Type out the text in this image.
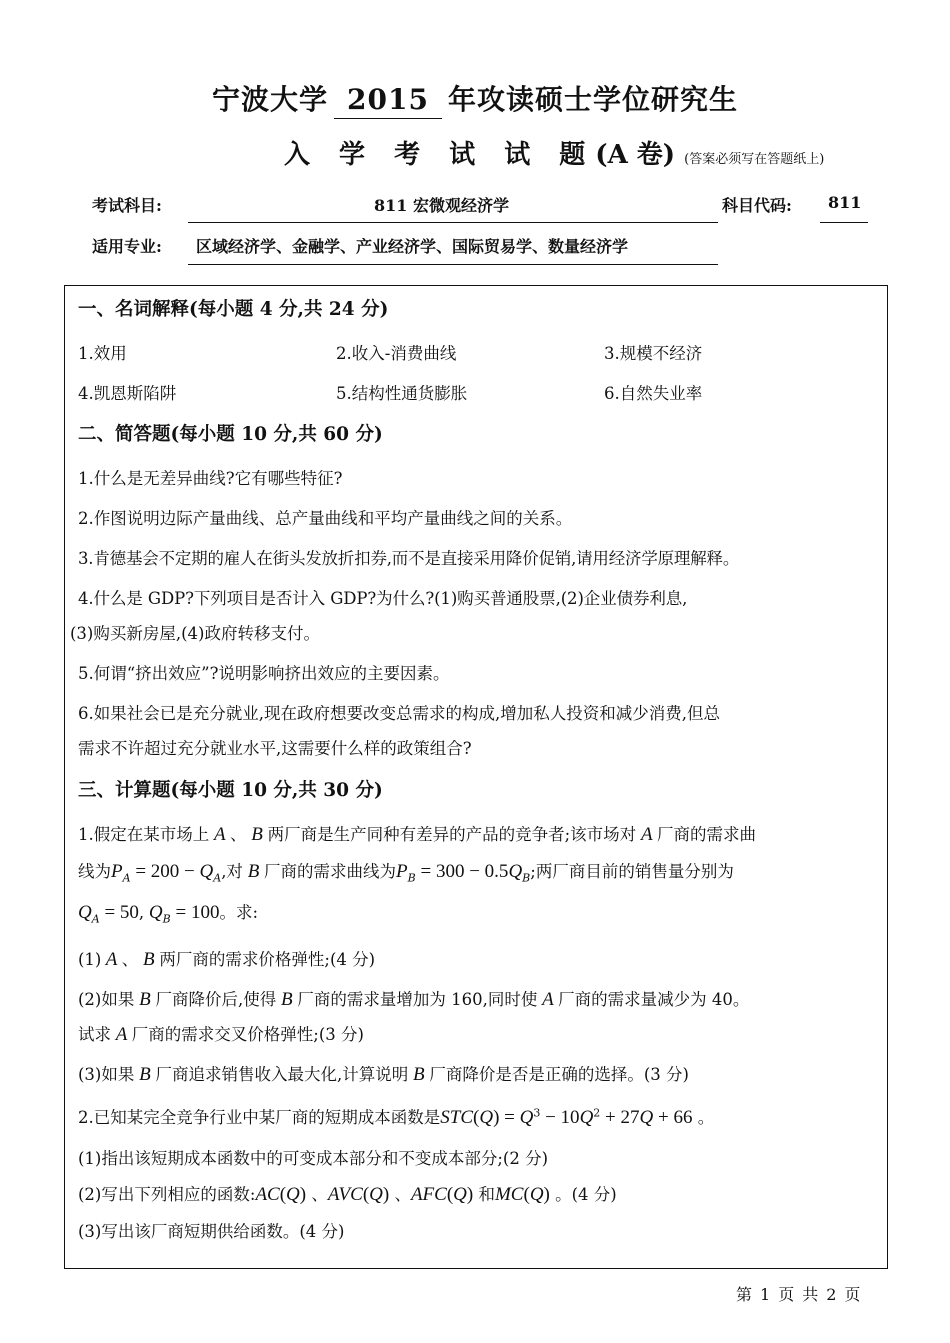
宁波大学 2015 年攻读硕士学位研究生
入 学 考 试 试 题(A 卷) (答案必须写在答题纸上)
考试科目:	811 宏微观经济学	科目代码: 811
适用专业: 区域经济学、金融学、产业经济学、国际贸易学、数量经济学
一、名词解释(每小题 4 分,共 24 分)
1.效用	2.收入-消费曲线	3.规模不经济
4.凯恩斯陷阱	5.结构性通货膨胀	6.自然失业率
二、简答题(每小题 10 分,共 60 分)
1.什么是无差异曲线?它有哪些特征?
2.作图说明边际产量曲线、总产量曲线和平均产量曲线之间的关系。
3.肯德基会不定期的雇人在街头发放折扣券,而不是直接采用降价促销,请用经济学原理解释。
4.什么是 GDP?下列项目是否计入 GDP?为什么?(1)购买普通股票,(2)企业债券利息,
(3)购买新房屋,(4)政府转移支付。
5.何谓“挤出效应”?说明影响挤出效应的主要因素。
6.如果社会已是充分就业,现在政府想要改变总需求的构成,增加私人投资和减少消费,但总
需求不许超过充分就业水平,这需要什么样的政策组合?
三、计算题(每小题 10 分,共 30 分)
1.假定在某市场上 A 、 B 两厂商是生产同种有差异的产品的竞争者;该市场对 A 厂商的需求曲
线为$P_A = 200 - Q_A$,对 B 厂商的需求曲线为$P_B = 300 - 0.5Q_B$;两厂商目前的销售量分别为
$Q_A = 50$, $Q_B = 100$。求:
(1) A 、 B 两厂商的需求价格弹性;(4 分)
(2)如果 B 厂商降价后,使得 B 厂商的需求量增加为 160,同时使 A 厂商的需求量减少为 40。
试求 A 厂商的需求交叉价格弹性;(3 分)
(3)如果 B 厂商追求销售收入最大化,计算说明 B 厂商降价是否是正确的选择。(3 分)
2.已知某完全竞争行业中某厂商的短期成本函数是$STC(Q) = Q^3 - 10Q^2 + 27Q + 66$ 。
(1)指出该短期成本函数中的可变成本部分和不变成本部分;(2 分)
(2)写出下列相应的函数:AC(Q) 、AVC(Q) 、AFC(Q) 和MC(Q) 。(4 分)
(3)写出该厂商短期供给函数。(4 分)
第 1 页 共 2 页
